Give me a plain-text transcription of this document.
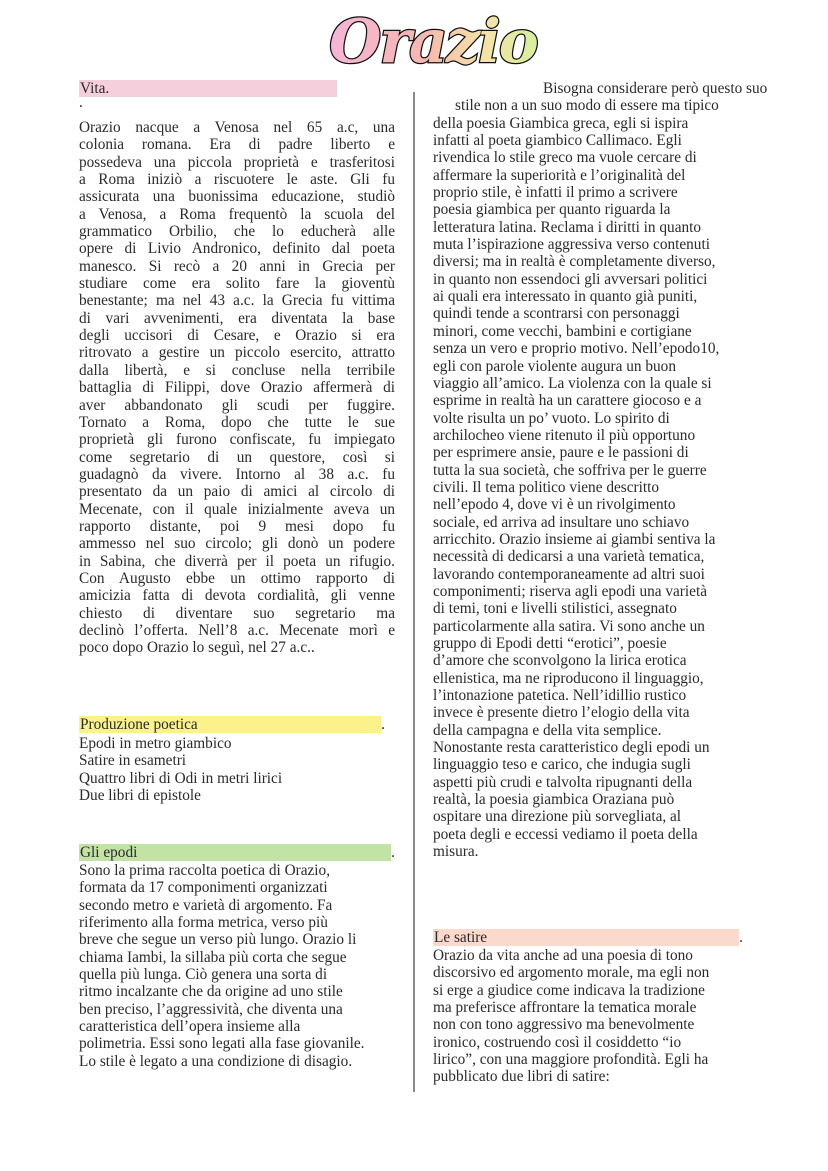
Orazio
Vita.
.
Orazio nacque a Venosa nel 65 a.c, una
colonia romana. Era di padre liberto e
possedeva una piccola proprietà e trasferitosi
a Roma iniziò a riscuotere le aste. Gli fu
assicurata una buonissima educazione, studiò
a Venosa, a Roma frequentò la scuola del
grammatico Orbilio, che lo educherà alle
opere di Livio Andronico, definito dal poeta
manesco. Si recò a 20 anni in Grecia per
studiare come era solito fare la gioventù
benestante; ma nel 43 a.c. la Grecia fu vittima
di vari avvenimenti, era diventata la base
degli uccisori di Cesare, e Orazio si era
ritrovato a gestire un piccolo esercito, attratto
dalla libertà, e si concluse nella terribile
battaglia di Filippi, dove Orazio affermerà di
aver abbandonato gli scudi per fuggire.
Tornato a Roma, dopo che tutte le sue
proprietà gli furono confiscate, fu impiegato
come segretario di un questore, così si
guadagnò da vivere. Intorno al 38 a.c. fu
presentato da un paio di amici al circolo di
Mecenate, con il quale inizialmente aveva un
rapporto distante, poi 9 mesi dopo fu
ammesso nel suo circolo; gli donò un podere
in Sabina, che diverrà per il poeta un rifugio.
Con Augusto ebbe un ottimo rapporto di
amicizia fatta di devota cordialità, gli venne
chiesto di diventare suo segretario ma
declinò l’offerta. Nell’8 a.c. Mecenate morì e
poco dopo Orazio lo seguì, nel 27 a.c..
Produzione poetica	.
Epodi in metro giambico
Satire in esametri
Quattro libri di Odi in metri lirici
Due libri di epistole
Gli epodi	.
Sono la prima raccolta poetica di Orazio,
formata da 17 componimenti organizzati
secondo metro e varietà di argomento. Fa
riferimento alla forma metrica, verso più
breve che segue un verso più lungo. Orazio li
chiama Iambi, la sillaba più corta che segue
quella più lunga. Ciò genera una sorta di
ritmo incalzante che da origine ad uno stile
ben preciso, l’aggressività, che diventa una
caratteristica dell’opera insieme alla
polimetria. Essi sono legati alla fase giovanile.
Lo stile è legato a una condizione di disagio.
Bisogna considerare però questo suo
stile non a un suo modo di essere ma tipico
della poesia Giambica greca, egli si ispira
infatti al poeta giambico Callimaco. Egli
rivendica lo stile greco ma vuole cercare di
affermare la superiorità e l’originalità del
proprio stile, è infatti il primo a scrivere
poesia giambica per quanto riguarda la
letteratura latina. Reclama i diritti in quanto
muta l’ispirazione aggressiva verso contenuti
diversi; ma in realtà è completamente diverso,
in quanto non essendoci gli avversari politici
ai quali era interessato in quanto già puniti,
quindi tende a scontrarsi con personaggi
minori, come vecchi, bambini e cortigiane
senza un vero e proprio motivo. Nell’epodo10,
egli con parole violente augura un buon
viaggio all’amico. La violenza con la quale si
esprime in realtà ha un carattere giocoso e a
volte risulta un po’ vuoto. Lo spirito di
archilocheo viene ritenuto il più opportuno
per esprimere ansie, paure e le passioni di
tutta la sua società, che soffriva per le guerre
civili. Il tema politico viene descritto
nell’epodo 4, dove vi è un rivolgimento
sociale, ed arriva ad insultare uno schiavo
arricchito. Orazio insieme ai giambi sentiva la
necessità di dedicarsi a una varietà tematica,
lavorando contemporaneamente ad altri suoi
componimenti; riserva agli epodi una varietà
di temi, toni e livelli stilistici, assegnato
particolarmente alla satira. Vi sono anche un
gruppo di Epodi detti “erotici”, poesie
d’amore che sconvolgono la lirica erotica
ellenistica, ma ne riproducono il linguaggio,
l’intonazione patetica. Nell’idillio rustico
invece è presente dietro l’elogio della vita
della campagna e della vita semplice.
Nonostante resta caratteristico degli epodi un
linguaggio teso e carico, che indugia sugli
aspetti più crudi e talvolta ripugnanti della
realtà, la poesia giambica Oraziana può
ospitare una direzione più sorvegliata, al
poeta degli e eccessi vediamo il poeta della
misura.
Le satire	.
Orazio da vita anche ad una poesia di tono
discorsivo ed argomento morale, ma egli non
si erge a giudice come indicava la tradizione
ma preferisce affrontare la tematica morale
non con tono aggressivo ma benevolmente
ironico, costruendo così il cosiddetto “io
lirico”, con una maggiore profondità. Egli ha
pubblicato due libri di satire:
